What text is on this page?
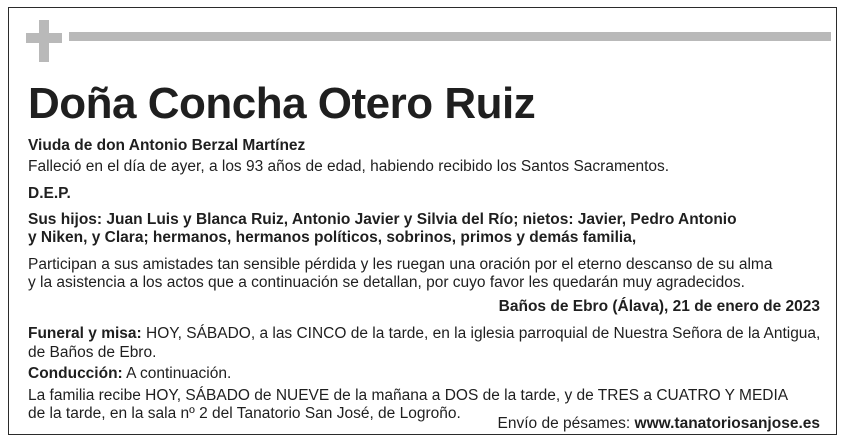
Doña Concha Otero Ruiz

Viuda de don Antonio Berzal Martínez

Falleció en el día de ayer, a los 93 años de edad, habiendo recibido los Santos Sacramentos.

D.E.P.

Sus hijos: Juan Luis y Blanca Ruiz, Antonio Javier y Silvia del Río; nietos: Javier, Pedro Antonio

y Niken, y Clara; hermanos, hermanos políticos, sobrinos, primos y demás familia,

Participan a sus amistades tan sensible pérdida y les ruegan una oración por el eterno descanso de su alma

y la asistencia a los actos que a continuación se detallan, por cuyo favor les quedarán muy agradecidos.

Baños de Ebro (Álava), 21 de enero de 2023

Funeral y misa: HOY, SÁBADO, a las CINCO de la tarde, en la iglesia parroquial de Nuestra Señora de la Antigua,

de Baños de Ebro.

Conducción: A continuación.

La familia recibe HOY, SÁBADO de NUEVE de la mañana a DOS de la tarde, y de TRES a CUATRO Y MEDIA

de la tarde, en la sala nº 2 del Tanatorio San José, de Logroño.

Envío de pésames: www.tanatoriosanjose.es
